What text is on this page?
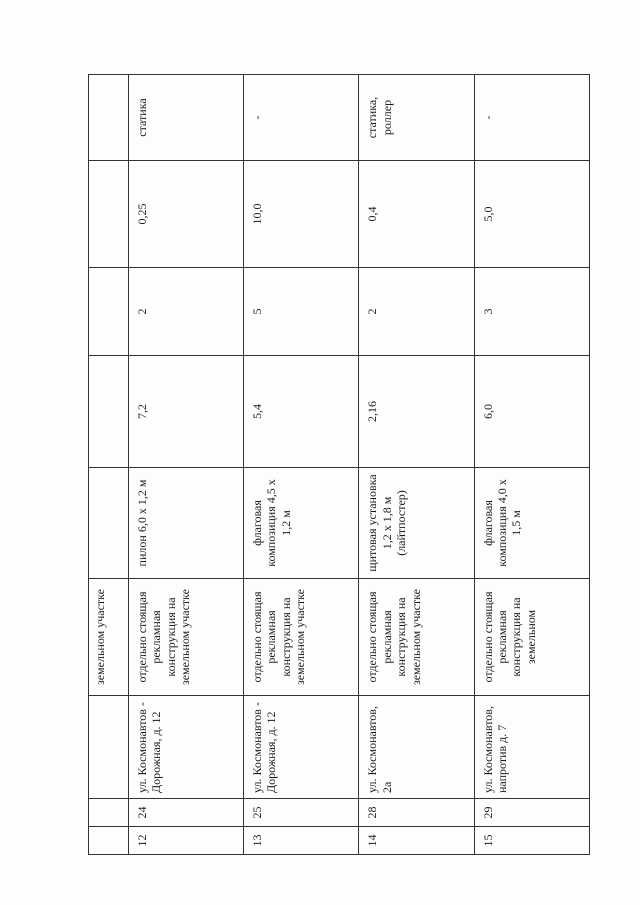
			земельном участке					
12	24	ул. Космонавтов - Дорожная, д. 12	отдельно стоящая рекламная конструкция на земельном участке	пилон 6,0 х 1,2 м	7,2	2	0,25	статика
13	25	ул. Космонавтов - Дорожная, д. 12	отдельно стоящая рекламная конструкция на земельном участке	флаговая композиция 4,5 х 1,2 м	5,4	5	10,0	-
14	28	ул. Космонавтов, 2а	отдельно стоящая рекламная конструкция на земельном участке	щитовая установка 1,2 х 1,8 м (лайтпостер)	2,16	2	0,4	статика, роллер
15	29	ул. Космонавтов, напротив д. 7	отдельно стоящая рекламная конструкция на земельном	флаговая композиция 4,0 х 1,5 м	6,0	3	5,0	-
